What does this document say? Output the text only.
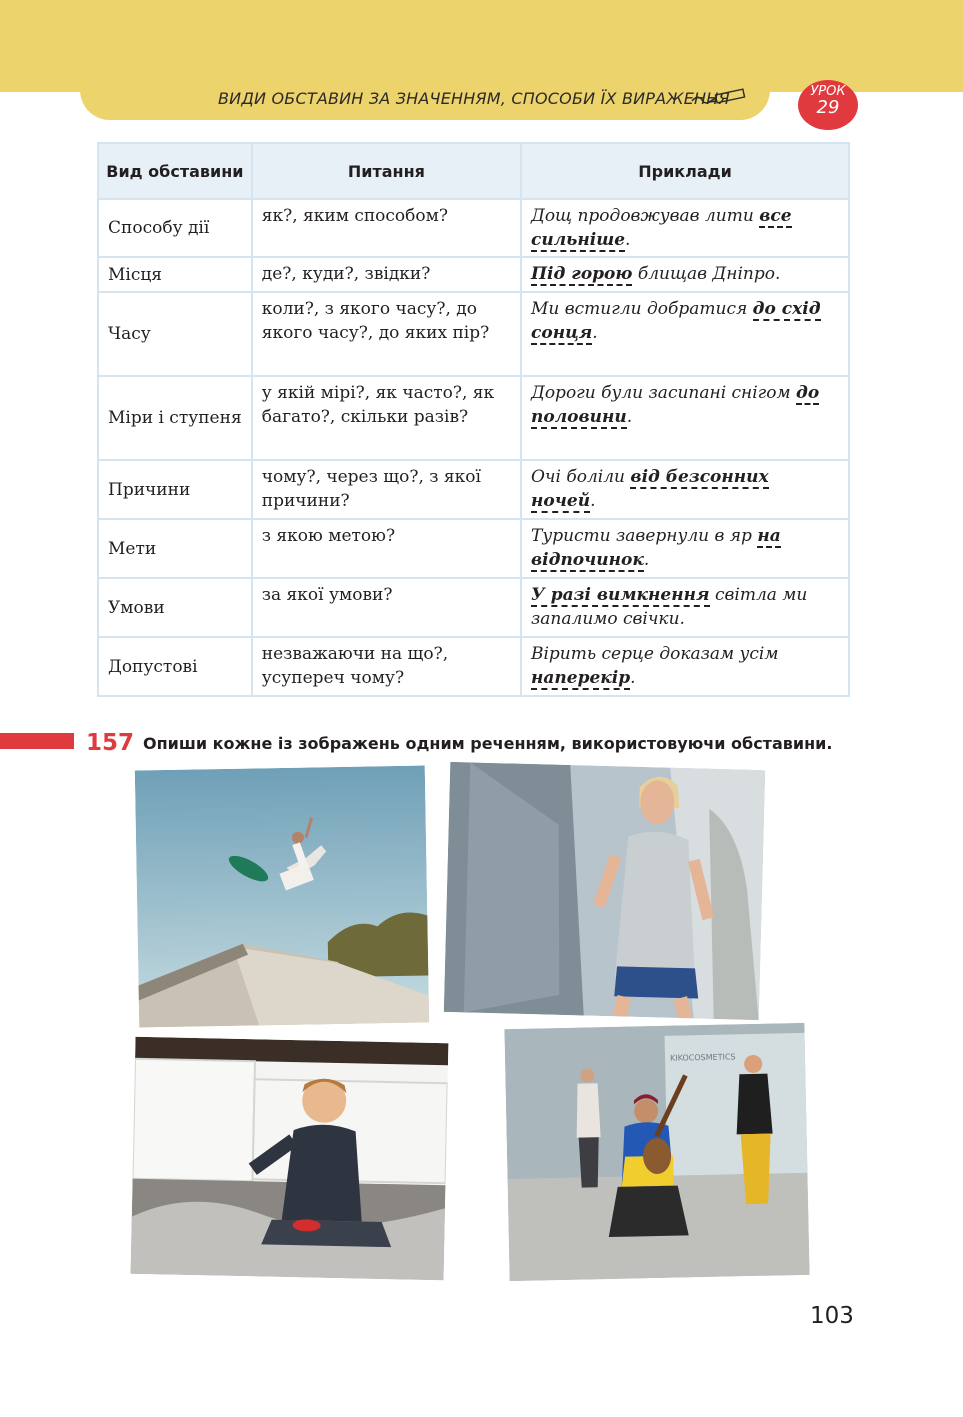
ВИДИ ОБСТАВИН ЗА ЗНАЧЕННЯМ, СПОСОБИ ЇХ ВИРАЖЕННЯ	УРОК
29
Вид обставини	Питання	Приклади
Способу дії	як?, яким способом?	Дощ продовжував лити все сильніше.
Місця	де?, куди?, звідки?	Під горою блищав Дніпро.
Часу	коли?, з якого часу?, до якого часу?, до яких пір?	Ми встигли добратися до схід сонця.
Міри і ступеня	у якій мірі?, як часто?, як багато?, скільки разів?	Дороги були засипані снігом до половини.
Причини	чому?, через що?, з якої причини?	Очі боліли від безсонних ночей.
Мети	з якою метою?	Туристи завернули в яр на відпочинок.
Умови	за якої умови?	У разі вимкнення світла ми запалимо свічки.
Допустові	незважаючи на що?, усупереч чому?	Вірить серце доказам усім наперекір.
157 Опиши кожне із зображень одним реченням, використовуючи обставини.
KIKOCOSMETICS
103
